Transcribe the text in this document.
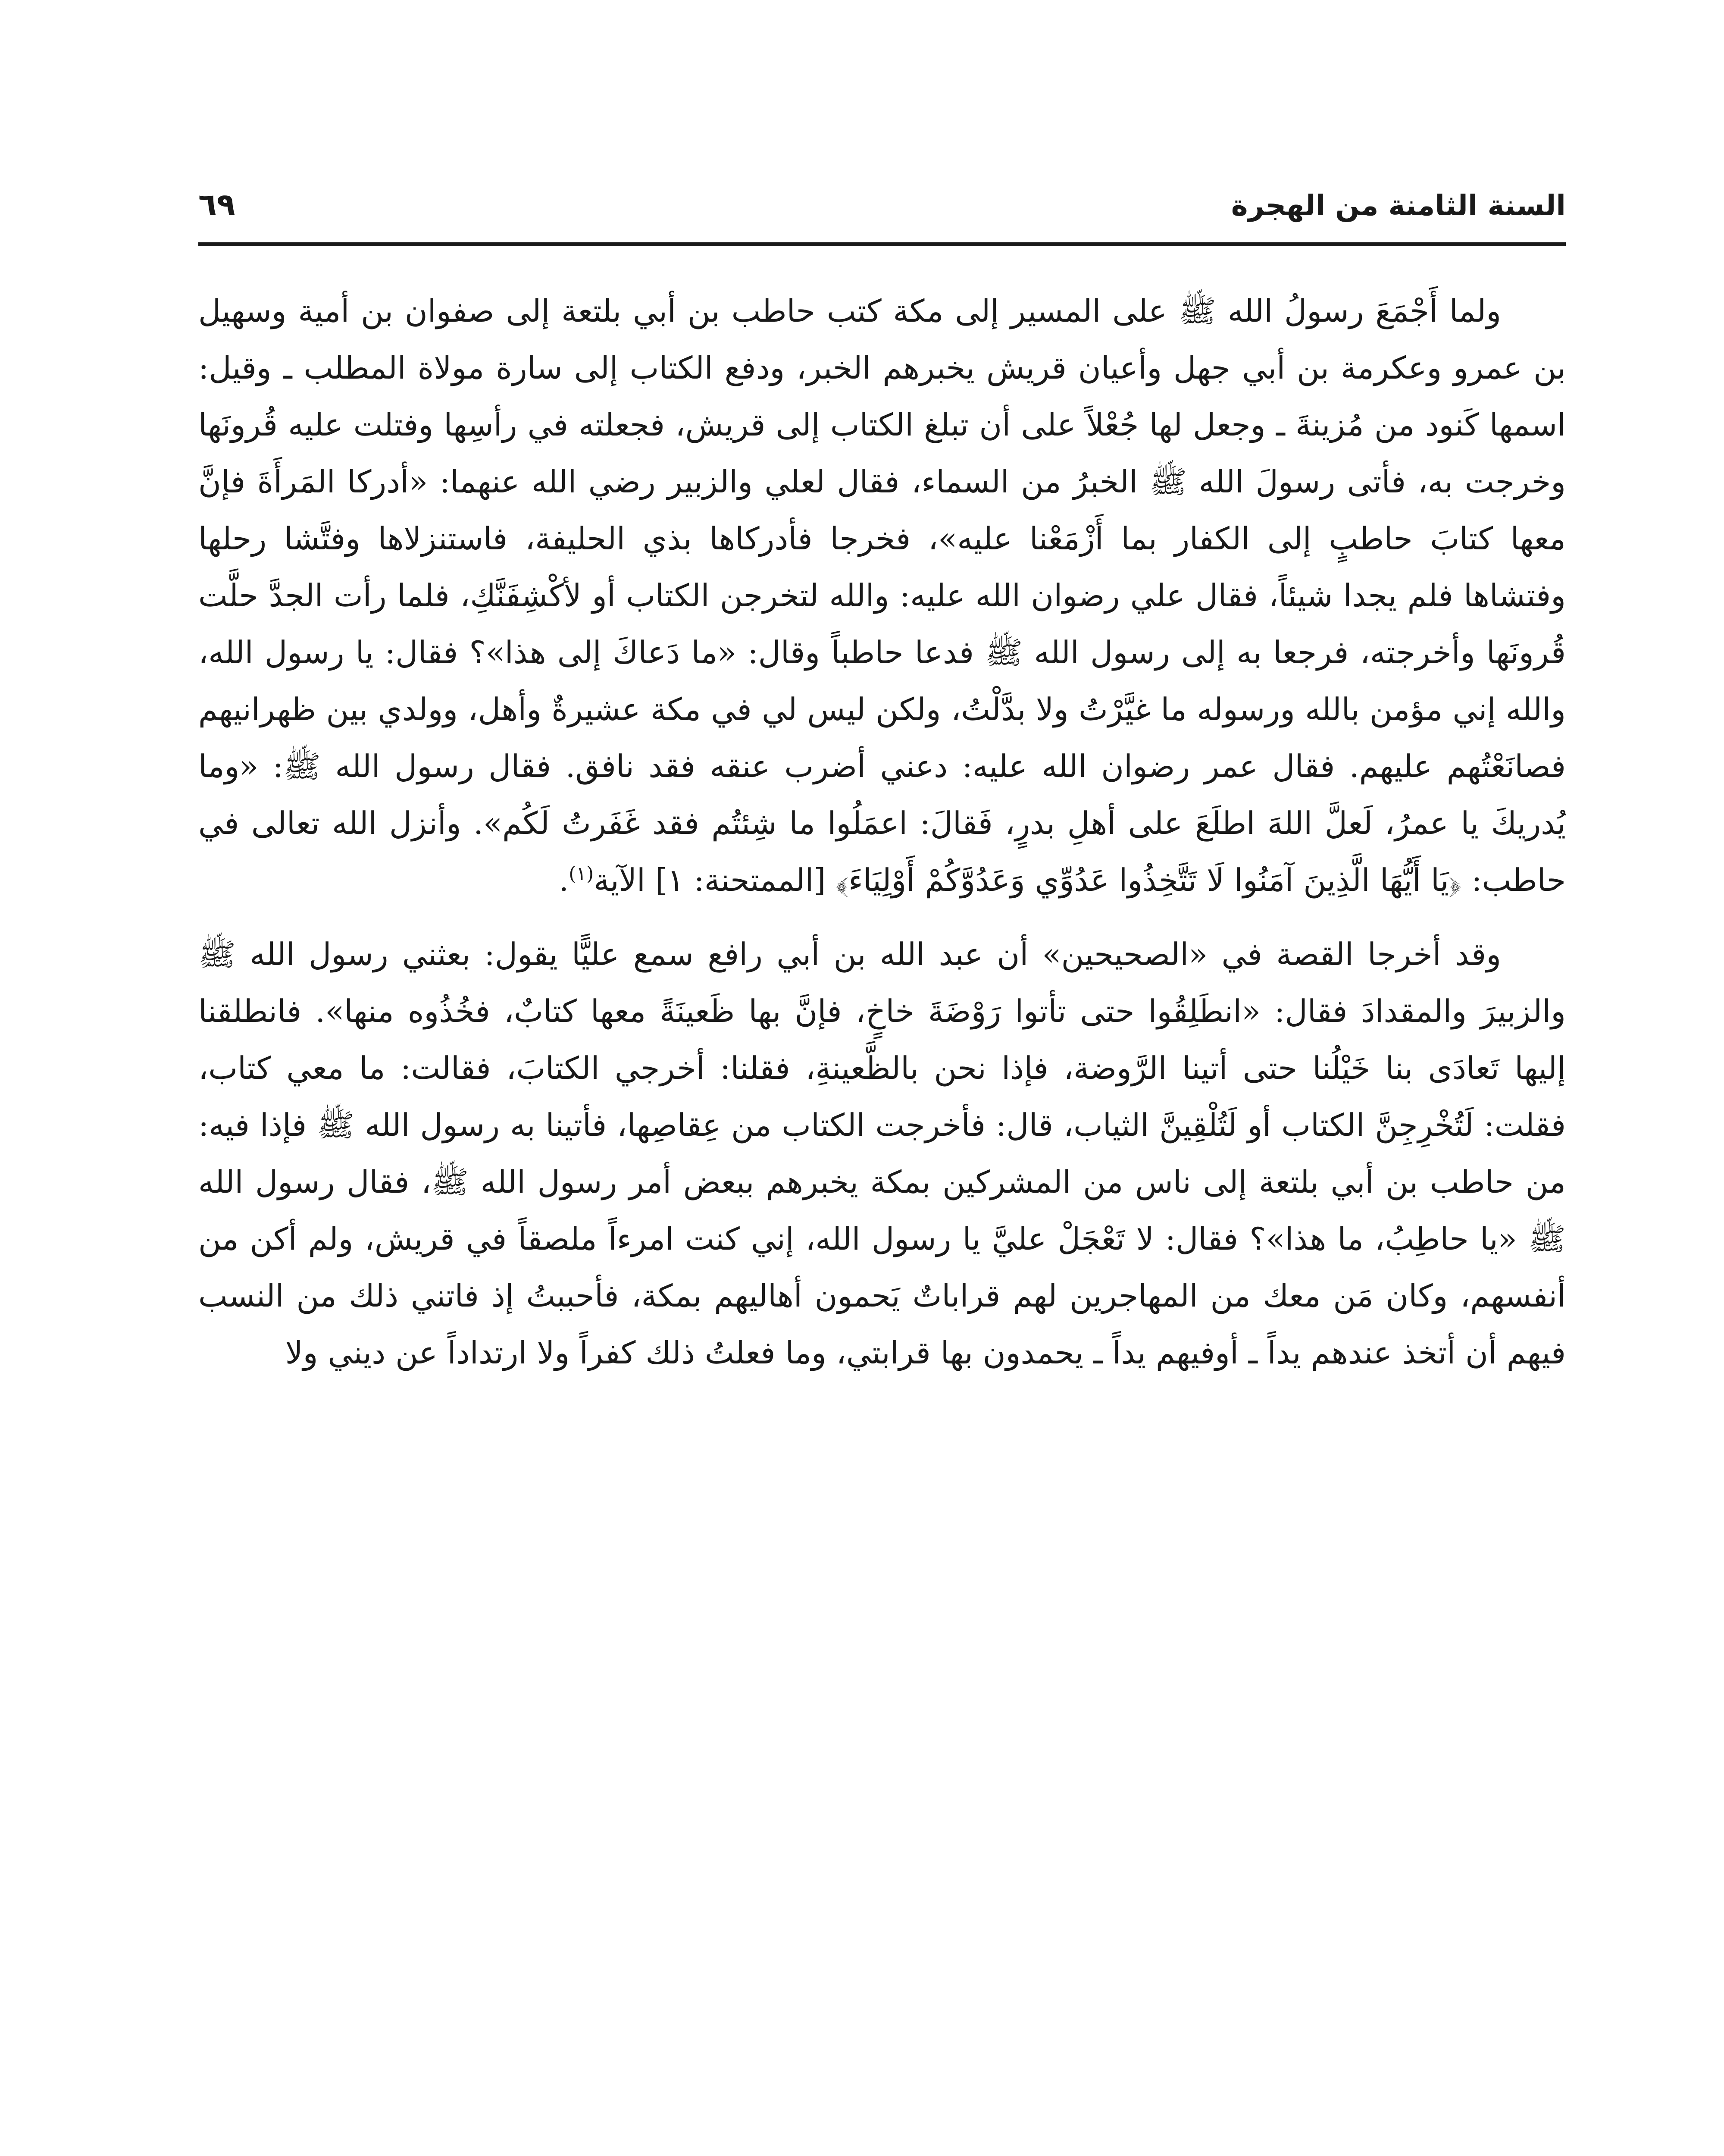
السنة الثامنة من الهجرة
٦٩

ولما أَجْمَعَ رسولُ الله ﷺ على المسير إلى مكة كتب حاطب بن أبي بلتعة إلى صفوان بن أمية وسهيل بن عمرو وعكرمة بن أبي جهل وأعيان قريش يخبرهم الخبر، ودفع الكتاب إلى سارة مولاة المطلب ـ وقيل: اسمها كَنود من مُزينةَ ـ وجعل لها جُعْلاً على أن تبلغ الكتاب إلى قريش، فجعلته في رأسِها وفتلت عليه قُرونَها وخرجت به، فأتى رسولَ الله ﷺ الخبرُ من السماء، فقال لعلي والزبير رضي الله عنهما: «أدركا المَرأَةَ فإنَّ معها كتابَ حاطبٍ إلى الكفار بما أَزْمَعْنا عليه»، فخرجا فأدركاها بذي الحليفة، فاستنزلاها وفتَّشا رحلها وفتشاها فلم يجدا شيئاً، فقال علي رضوان الله عليه: والله لتخرجن الكتاب أو لأكْشِفَنَّكِ، فلما رأت الجدَّ حلَّت قُرونَها وأخرجته، فرجعا به إلى رسول الله ﷺ فدعا حاطباً وقال: «ما دَعاكَ إلى هذا»؟ فقال: يا رسول الله، والله إني مؤمن بالله ورسوله ما غيَّرْتُ ولا بدَّلْتُ، ولكن ليس لي في مكة عشيرةٌ وأهل، وولدي بين ظهرانيهم فصانَعْتُهم عليهم. فقال عمر رضوان الله عليه: دعني أضرب عنقه فقد نافق. فقال رسول الله ﷺ: «وما يُدريكَ يا عمرُ، لَعلَّ اللهَ اطلَعَ على أهلِ بدرٍ، فَقالَ: اعمَلُوا ما شِئتُم فقد غَفَرتُ لَكُم». وأنزل الله تعالى في حاطب: ﴿يَا أَيُّهَا الَّذِينَ آمَنُوا لَا تَتَّخِذُوا عَدُوِّي وَعَدُوَّكُمْ أَوْلِيَاءَ﴾ [الممتحنة: ١] الآية$^{(١)}$.

وقد أخرجا القصة في «الصحيحين» أن عبد الله بن أبي رافع سمع عليًّا يقول: بعثني رسول الله ﷺ والزبيرَ والمقدادَ فقال: «انطَلِقُوا حتى تأتوا رَوْضَةَ خاخٍ، فإنَّ بها ظَعينَةً معها كتابٌ، فخُذُوه منها». فانطلقنا إليها تَعادَى بنا خَيْلُنا حتى أتينا الرَّوضة، فإذا نحن بالظَّعينةِ، فقلنا: أخرجي الكتابَ، فقالت: ما معي كتاب، فقلت: لَتُخْرِجِنَّ الكتاب أو لَتُلْقِينَّ الثياب، قال: فأخرجت الكتاب من عِقاصِها، فأتينا به رسول الله ﷺ فإذا فيه: من حاطب بن أبي بلتعة إلى ناس من المشركين بمكة يخبرهم ببعض أمر رسول الله ﷺ، فقال رسول الله ﷺ «يا حاطِبُ، ما هذا»؟ فقال: لا تَعْجَلْ عليَّ يا رسول الله، إني كنت امرءاً ملصقاً في قريش، ولم أكن من أنفسهم، وكان مَن معك من المهاجرين لهم قراباتٌ يَحمون أهاليهم بمكة، فأحببتُ إذ فاتني ذلك من النسب فيهم أن أتخذ عندهم يداً ـ أوفيهم يداً ـ يحمدون بها قرابتي، وما فعلتُ ذلك كفراً ولا ارتداداً عن ديني ولا
